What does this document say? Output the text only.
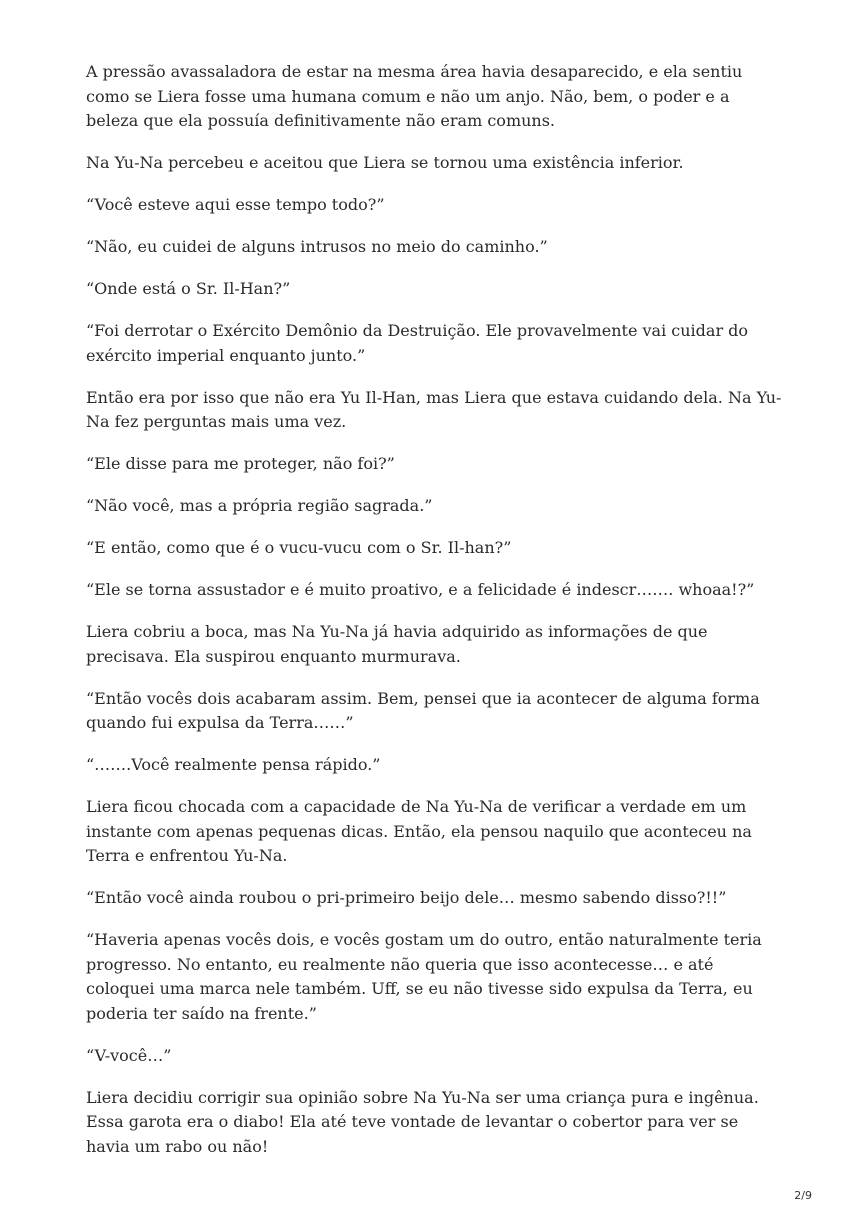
A pressão avassaladora de estar na mesma área havia desaparecido, e ela sentiu como se Liera fosse uma humana comum e não um anjo. Não, bem, o poder e a beleza que ela possuía definitivamente não eram comuns.

Na Yu-Na percebeu e aceitou que Liera se tornou uma existência inferior.

“Você esteve aqui esse tempo todo?”

“Não, eu cuidei de alguns intrusos no meio do caminho.”

“Onde está o Sr. Il-Han?”

“Foi derrotar o Exército Demônio da Destruição. Ele provavelmente vai cuidar do exército imperial enquanto junto.”

Então era por isso que não era Yu Il-Han, mas Liera que estava cuidando dela. Na Yu-Na fez perguntas mais uma vez.

“Ele disse para me proteger, não foi?”

“Não você, mas a própria região sagrada.”

“E então, como que é o vucu-vucu com o Sr. Il-han?”

“Ele se torna assustador e é muito proativo, e a felicidade é indescr……. whoaa!?”

Liera cobriu a boca, mas Na Yu-Na já havia adquirido as informações de que precisava. Ela suspirou enquanto murmurava.

“Então vocês dois acabaram assim. Bem, pensei que ia acontecer de alguma forma quando fui expulsa da Terra……”

“…….Você realmente pensa rápido.”

Liera ficou chocada com a capacidade de Na Yu-Na de verificar a verdade em um instante com apenas pequenas dicas. Então, ela pensou naquilo que aconteceu na Terra e enfrentou Yu-Na.

“Então você ainda roubou o pri-primeiro beijo dele… mesmo sabendo disso?!!”

“Haveria apenas vocês dois, e vocês gostam um do outro, então naturalmente teria progresso. No entanto, eu realmente não queria que isso acontecesse… e até coloquei uma marca nele também. Uff, se eu não tivesse sido expulsa da Terra, eu poderia ter saído na frente.”

“V-você…”

Liera decidiu corrigir sua opinião sobre Na Yu-Na ser uma criança pura e ingênua. Essa garota era o diabo! Ela até teve vontade de levantar o cobertor para ver se havia um rabo ou não!

2/9
